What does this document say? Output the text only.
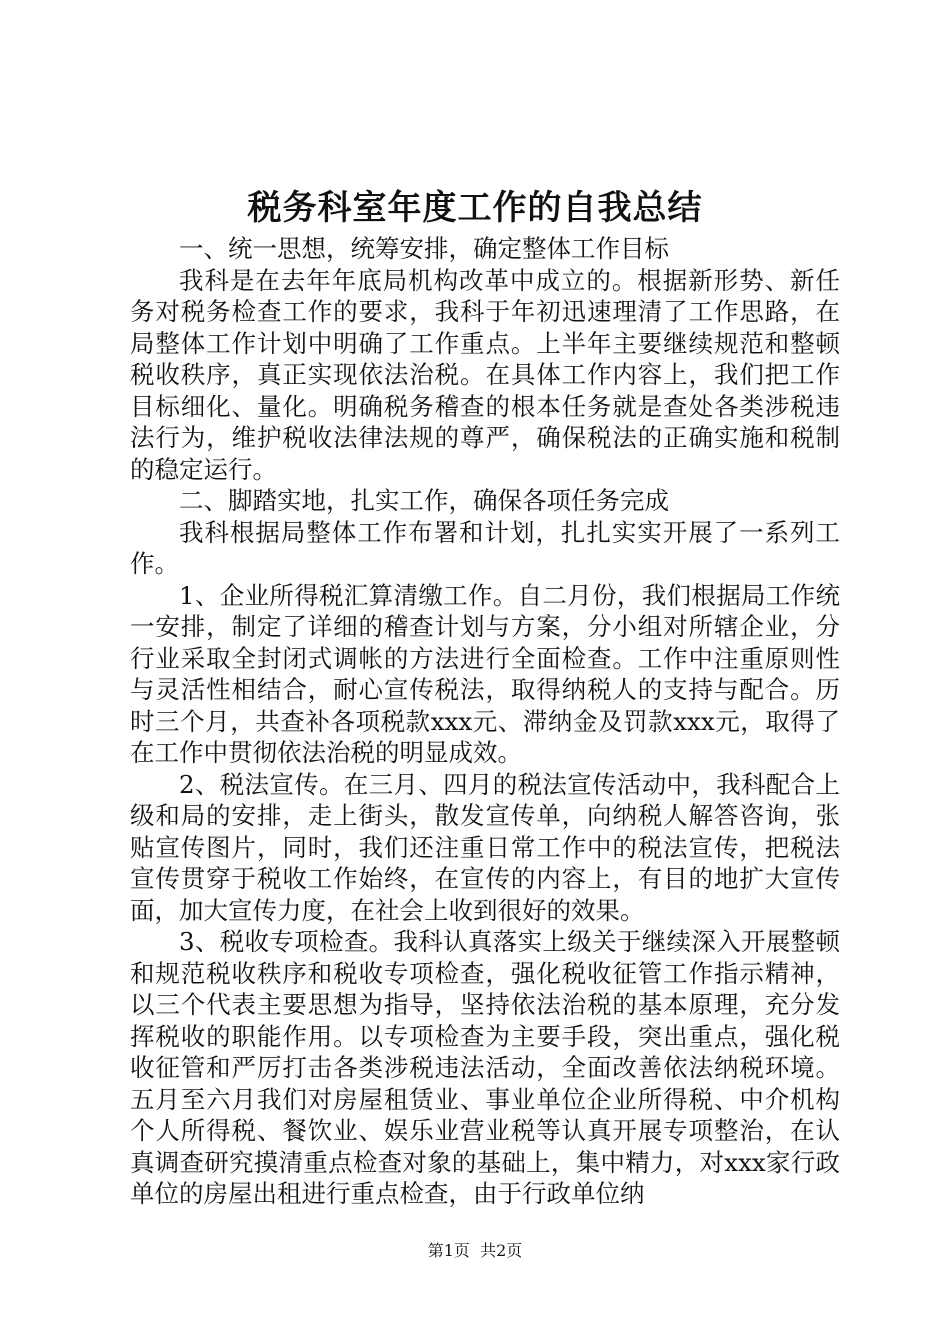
税务科室年度工作的自我总结

一、统一思想，统筹安排，确定整体工作目标

我科是在去年年底局机构改革中成立的。根据新形势、新任务对税务检查工作的要求，我科于年初迅速理清了工作思路，在局整体工作计划中明确了工作重点。上半年主要继续规范和整顿税收秩序，真正实现依法治税。在具体工作内容上，我们把工作目标细化、量化。明确税务稽查的根本任务就是查处各类涉税违法行为，维护税收法律法规的尊严，确保税法的正确实施和税制的稳定运行。

二、脚踏实地，扎实工作，确保各项任务完成

我科根据局整体工作布署和计划，扎扎实实开展了一系列工作。

1、企业所得税汇算清缴工作。自二月份，我们根据局工作统一安排，制定了详细的稽查计划与方案，分小组对所辖企业，分行业采取全封闭式调帐的方法进行全面检查。工作中注重原则性与灵活性相结合，耐心宣传税法，取得纳税人的支持与配合。历时三个月，共查补各项税款xxx元、滞纳金及罚款xxx元，取得了在工作中贯彻依法治税的明显成效。

2、税法宣传。在三月、四月的税法宣传活动中，我科配合上级和局的安排，走上街头，散发宣传单，向纳税人解答咨询，张贴宣传图片，同时，我们还注重日常工作中的税法宣传，把税法宣传贯穿于税收工作始终，在宣传的内容上，有目的地扩大宣传面，加大宣传力度，在社会上收到很好的效果。

3、税收专项检查。我科认真落实上级关于继续深入开展整顿和规范税收秩序和税收专项检查，强化税收征管工作指示精神，以三个代表主要思想为指导，坚持依法治税的基本原理，充分发挥税收的职能作用。以专项检查为主要手段，突出重点，强化税收征管和严厉打击各类涉税违法活动，全面改善依法纳税环境。五月至六月我们对房屋租赁业、事业单位企业所得税、中介机构个人所得税、餐饮业、娱乐业营业税等认真开展专项整治，在认真调查研究摸清重点检查对象的基础上，集中精力，对xxx家行政单位的房屋出租进行重点检查，由于行政单位纳

第1页 共2页
